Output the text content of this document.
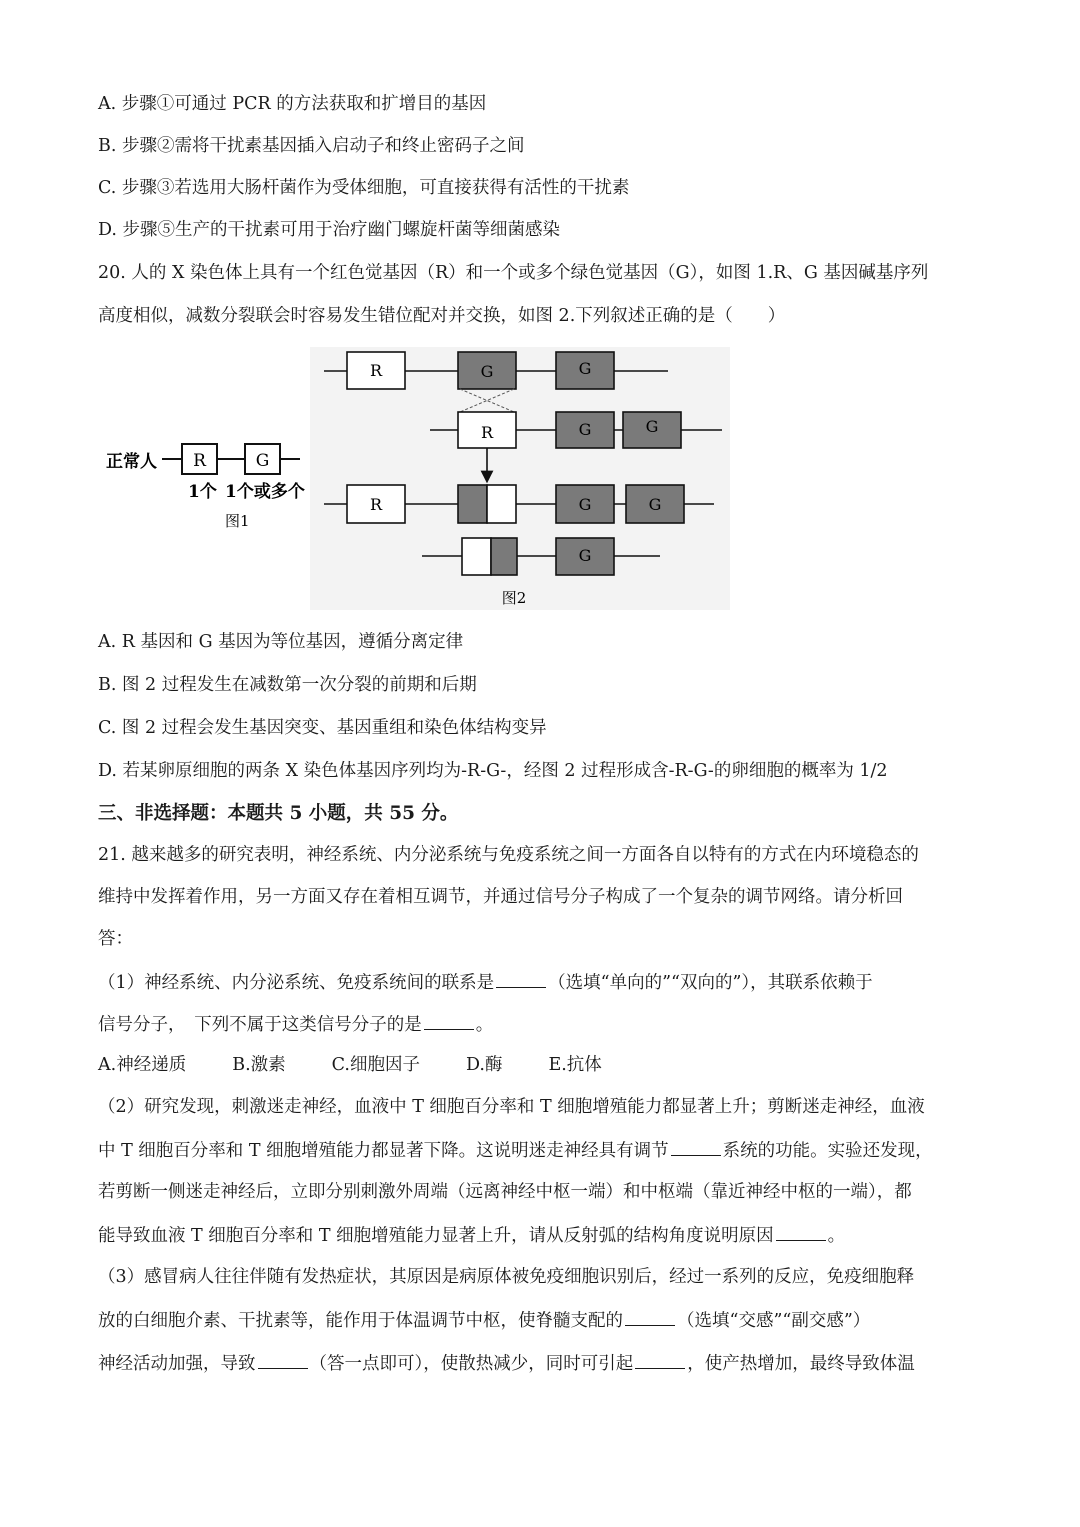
A. 步骤①可通过 PCR 的方法获取和扩增目的基因
B. 步骤②需将干扰素基因插入启动子和终止密码子之间
C. 步骤③若选用大肠杆菌作为受体细胞，可直接获得有活性的干扰素
D. 步骤⑤生产的干扰素可用于治疗幽门螺旋杆菌等细菌感染
20. 人的 X 染色体上具有一个红色觉基因（R）和一个或多个绿色觉基因（G），如图 1.R、G 基因碱基序列
高度相似，减数分裂联会时容易发生错位配对并交换，如图 2.下列叙述正确的是（　　）
正常人 R	G
1个 1个或多个
图1
R	G	G
R	G	G
R	G	G
G
图2
A. R 基因和 G 基因为等位基因，遵循分离定律
B. 图 2 过程发生在减数第一次分裂的前期和后期
C. 图 2 过程会发生基因突变、基因重组和染色体结构变异
D. 若某卵原细胞的两条 X 染色体基因序列均为-R-G-，经图 2 过程形成含-R-G-的卵细胞的概率为 1/2
三、非选择题：本题共 5 小题，共 55 分。
21. 越来越多的研究表明，神经系统、内分泌系统与免疫系统之间一方面各自以特有的方式在内环境稳态的
维持中发挥着作用，另一方面又存在着相互调节，并通过信号分子构成了一个复杂的调节网络。请分析回
答：
（1）神经系统、内分泌系统、免疫系统间的联系是	（选填“单向的”“双向的”），其联系依赖于
信号分子，　下列不属于这类信号分子的是	。
A.神经递质	B.激素	C.细胞因子	D.酶	E.抗体
（2）研究发现，刺激迷走神经，血液中 T 细胞百分率和 T 细胞增殖能力都显著上升；剪断迷走神经，血液
中 T 细胞百分率和 T 细胞增殖能力都显著下降。这说明迷走神经具有调节	系统的功能。实验还发现，
若剪断一侧迷走神经后，立即分别刺激外周端（远离神经中枢一端）和中枢端（靠近神经中枢的一端），都
能导致血液 T 细胞百分率和 T 细胞增殖能力显著上升，请从反射弧的结构角度说明原因	。
（3）感冒病人往往伴随有发热症状，其原因是病原体被免疫细胞识别后，经过一系列的反应，免疫细胞释
放的白细胞介素、干扰素等，能作用于体温调节中枢，使脊髓支配的	（选填“交感”“副交感”）
神经活动加强，导致	（答一点即可），使散热减少，同时可引起	，使产热增加，最终导致体温
